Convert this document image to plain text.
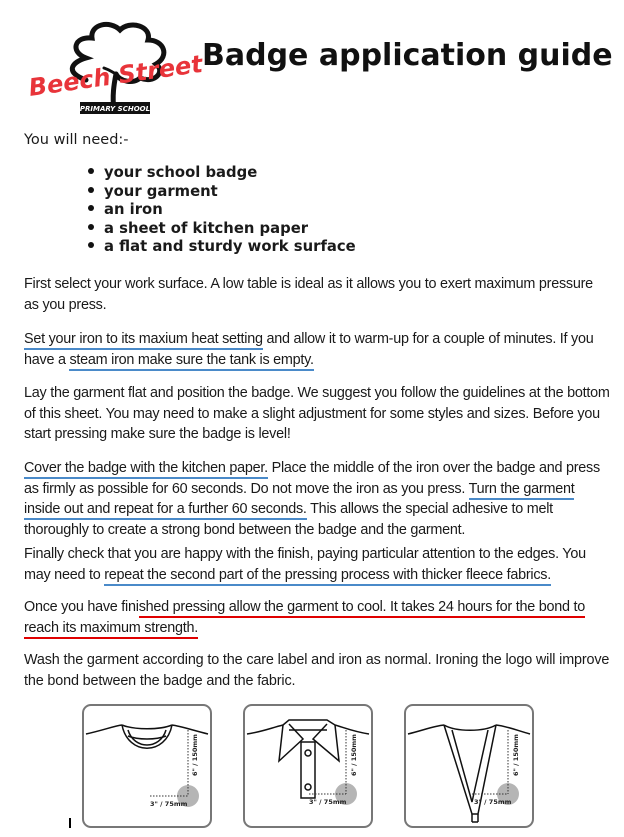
Beech Street
PRIMARY SCHOOL
Badge application guide
You will need:-
your school badge
your garment
an iron
a sheet of kitchen paper
a flat and sturdy work surface
First select your work surface. A low table is ideal as it allows you to exert maximum pressure as you press.
Set your iron to its maxium heat setting and allow it to warm-up for a couple of minutes. If you have a steam iron make sure the tank is empty.
Lay the garment flat and position the badge. We suggest you follow the guidelines at the bottom of this sheet. You may need to make a slight adjustment for some styles and sizes. Before you start pressing make sure the badge is level!
Cover the badge with the kitchen paper. Place the middle of the iron over the badge and press as firmly as possible for 60 seconds. Do not move the iron as you press. Turn the garment inside out and repeat for a further 60 seconds. This allows the special adhesive to melt thoroughly to create a strong bond between the badge and the garment.
Finally check that you are happy with the finish, paying particular attention to the edges. You may need to repeat the second part of the pressing process with thicker fleece fabrics.
Once you have finished pressing allow the garment to cool. It takes 24 hours for the bond to reach its maximum strength.
Wash the garment according to the care label and iron as normal. Ironing the logo will improve the bond between the badge and the fabric.
6" / 150mm
3" / 75mm
6" / 150mm
3" / 75mm
6" / 150mm
3" / 75mm
